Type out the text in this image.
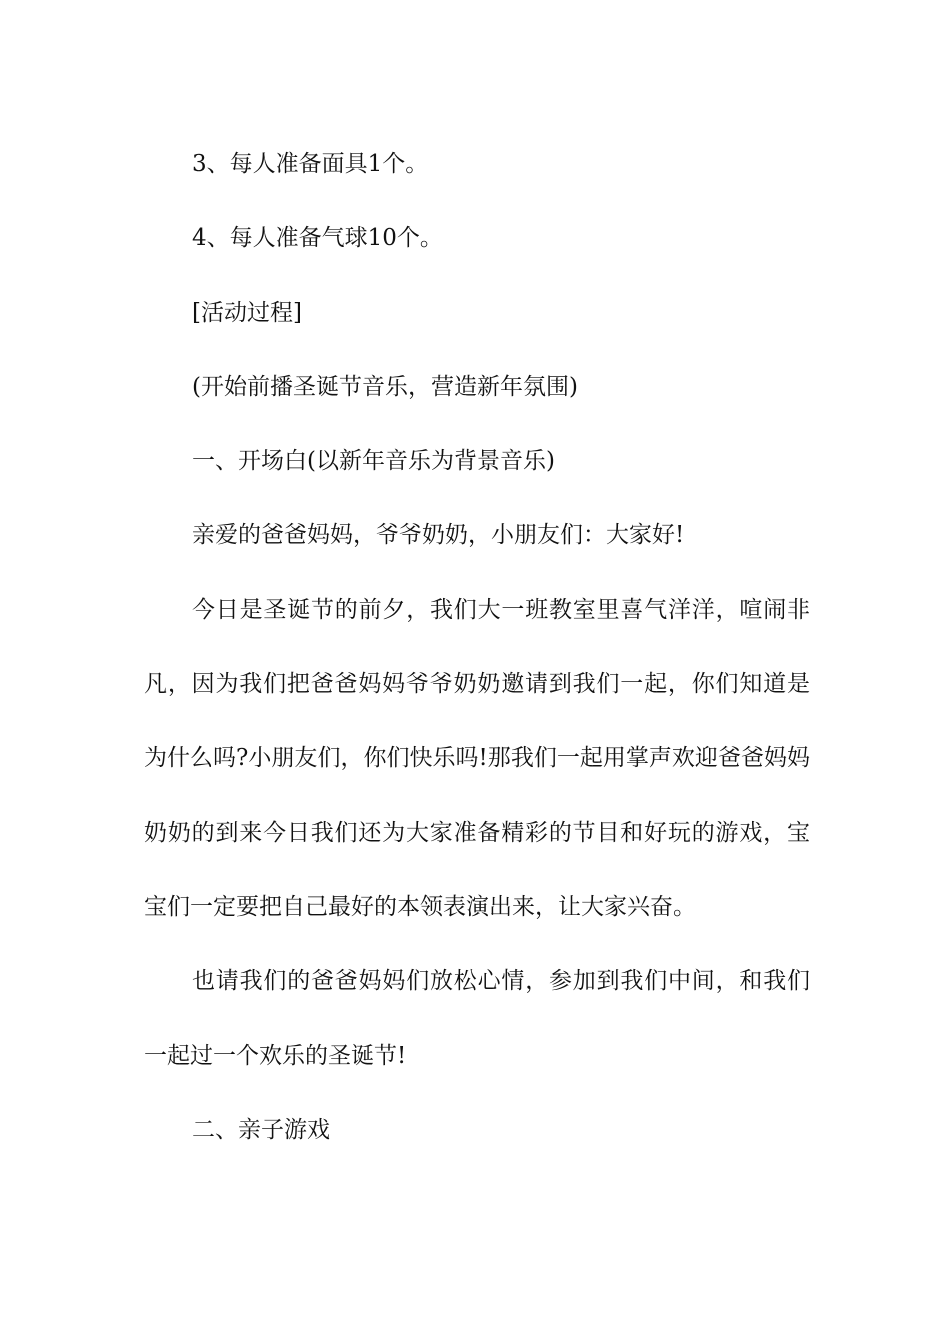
3、每人准备面具1个。

4、每人准备气球10个。

[活动过程]

(开始前播圣诞节音乐，营造新年氛围)

一、开场白(以新年音乐为背景音乐)

亲爱的爸爸妈妈，爷爷奶奶，小朋友们：大家好!

今日是圣诞节的前夕，我们大一班教室里喜气洋洋，喧闹非凡，因为我们把爸爸妈妈爷爷奶奶邀请到我们一起，你们知道是为什么吗?小朋友们，你们快乐吗!那我们一起用掌声欢迎爸爸妈妈奶奶的到来今日我们还为大家准备精彩的节目和好玩的游戏，宝宝们一定要把自己最好的本领表演出来，让大家兴奋。

也请我们的爸爸妈妈们放松心情，参加到我们中间，和我们一起过一个欢乐的圣诞节!

二、亲子游戏
